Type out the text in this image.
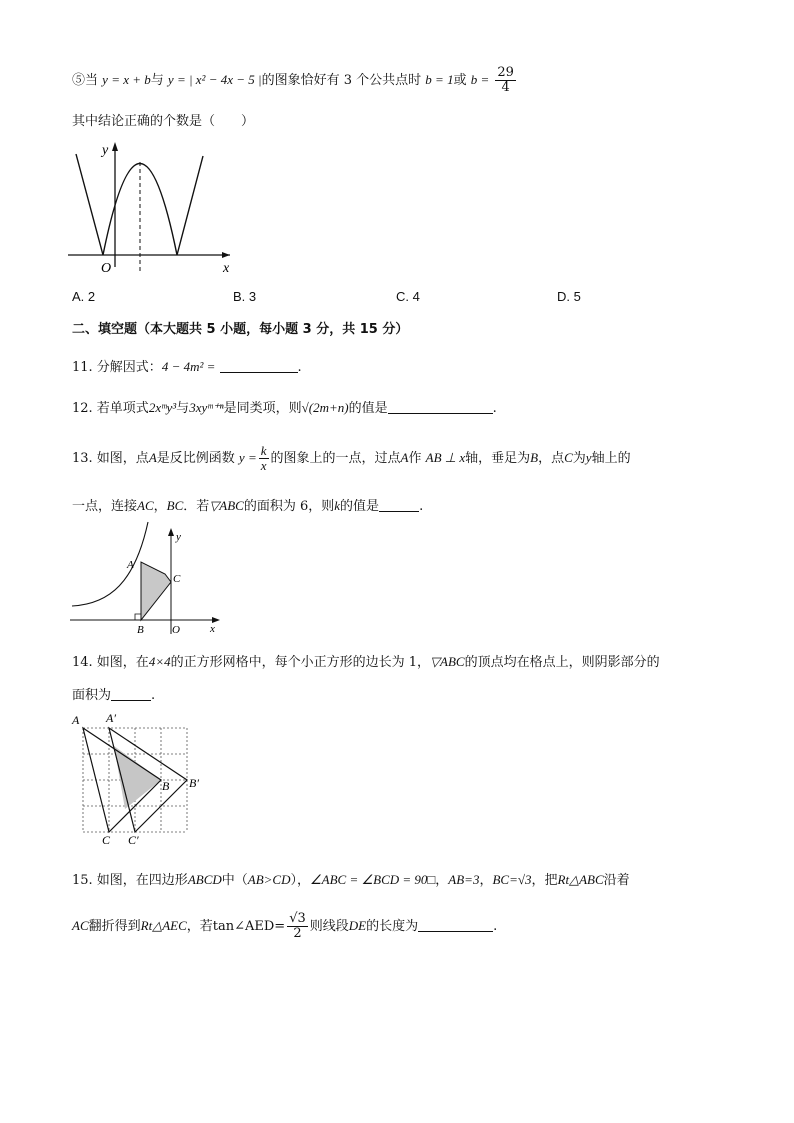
⑤当 y = x + b与 y = | x² − 4x − 5 |的图象恰好有 3 个公共点时 b = 1或 $b = \frac{29}{4}$
其中结论正确的个数是（　　）
y
x
O
A. 2	B. 3	C. 4	D. 5
二、填空题（本大题共 5 小题，每小题 3 分，共 15 分）
11. 分解因式：4 − 4m² =	.
12. 若单项式2xᵐy³与3xyᵐ⁺ⁿ是同类项，则√(2m+n)的值是	.
13. 如图，点A是反比例函数 $y = \frac{k}{x}$ 的图象上的一点，过点A作 AB ⊥ x轴，垂足为B，点C为y轴上的
一点，连接AC，BC．若▽ABC的面积为 6，则k的值是	.
y
x
A
B
C
O
14. 如图，在4×4的正方形网格中，每个小正方形的边长为 1，▽ABC的顶点均在格点上，则阴影部分的
面积为	.
A A′
B B′
C C′
15. 如图，在四边形ABCD中（AB>CD），∠ABC = ∠BCD = 90□，AB=3，BC=√3，把Rt△ABC沿着
AC翻折得到Rt△AEC，若tan∠AED= $\frac{√3}{2}$ 则线段DE的长度为	.
